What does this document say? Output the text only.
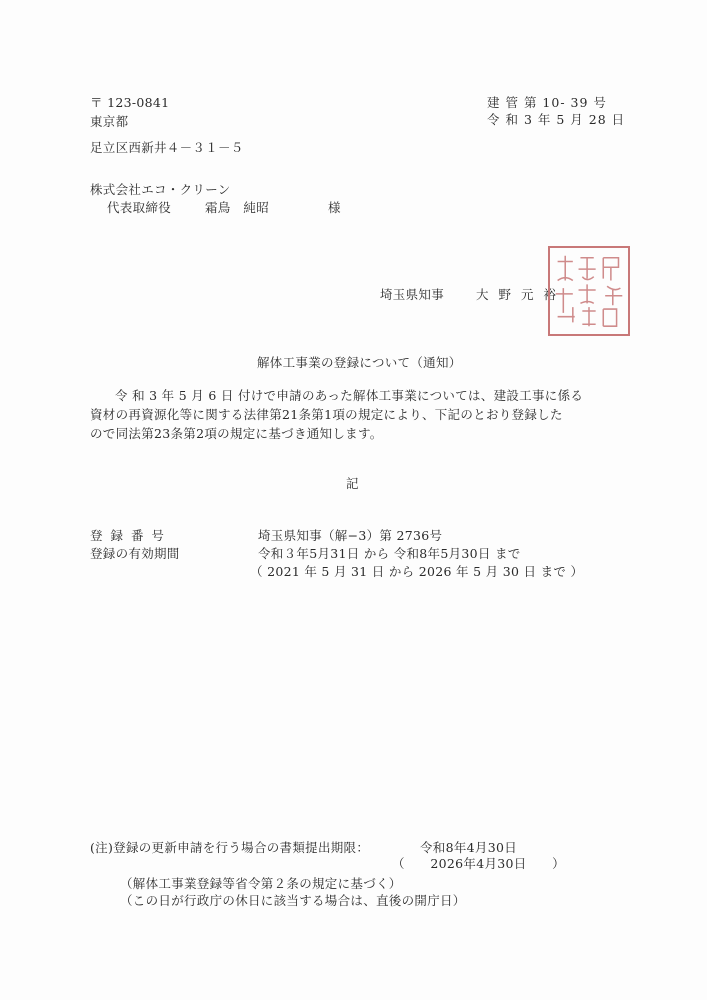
〒 123-0841
東京都
足立区西新井４－３１－５
株式会社エコ・クリーン
代表取締役	霜鳥　純昭	様
建 管 第 10- 39 号
令 和 3 年 5 月 28 日
埼玉県知事	大 野 元 裕
解体工事業の登録について（通知）
令 和 3 年 5 月 6 日 付けで申請のあった解体工事業については、建設工事に係る
資材の再資源化等に関する法律第21条第1項の規定により、下記のとおり登録した
ので同法第23条第2項の規定に基づき通知します。
記
登 録 番 号	埼玉県知事（解−3）第 2736号
登録の有効期間	令和３年5月31日 から 令和8年5月30日 まで
（ 2021 年 5 月 31 日 から 2026 年 5 月 30 日 まで ）
(注)登録の更新申請を行う場合の書類提出期限：	令和8年4月30日
（　　2026年4月30日　　）
（解体工事業登録等省令第２条の規定に基づく）
（この日が行政庁の休日に該当する場合は、直後の開庁日）
